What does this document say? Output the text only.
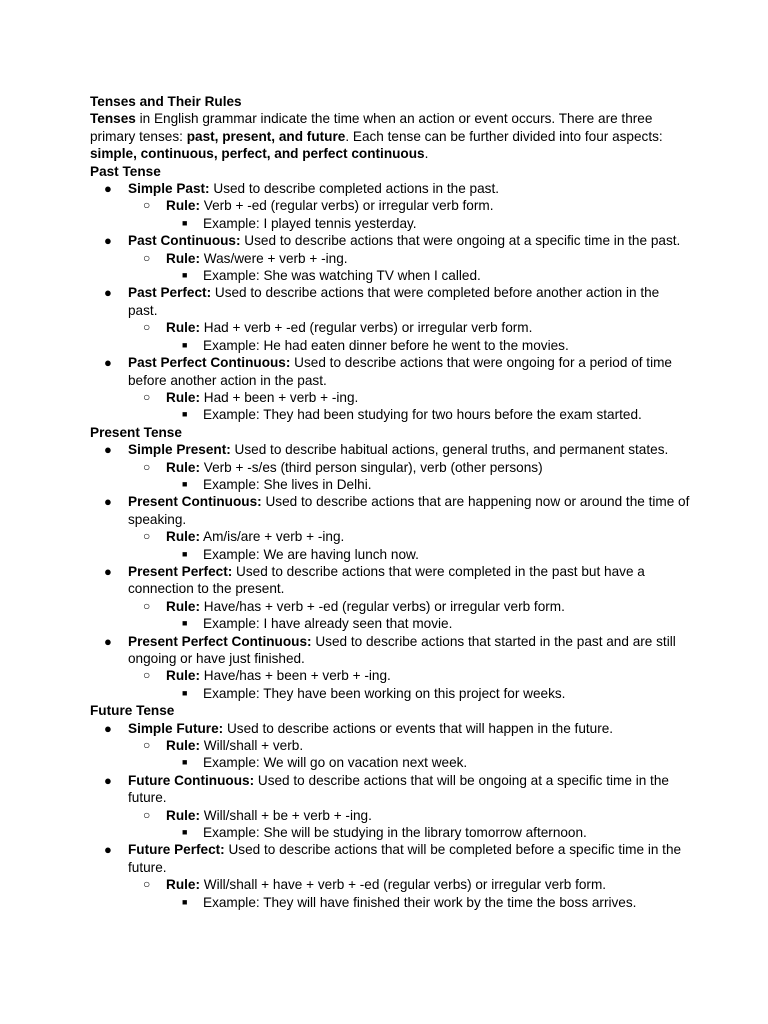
Tenses and Their Rules
Tenses in English grammar indicate the time when an action or event occurs. There are three primary tenses: past, present, and future. Each tense can be further divided into four aspects: simple, continuous, perfect, and perfect continuous.
Past Tense
● Simple Past: Used to describe completed actions in the past.
○ Rule: Verb + -ed (regular verbs) or irregular verb form.
■ Example: I played tennis yesterday.
● Past Continuous: Used to describe actions that were ongoing at a specific time in the past.
○ Rule: Was/were + verb + -ing.
■ Example: She was watching TV when I called.
● Past Perfect: Used to describe actions that were completed before another action in the past.
○ Rule: Had + verb + -ed (regular verbs) or irregular verb form.
■ Example: He had eaten dinner before he went to the movies.
● Past Perfect Continuous: Used to describe actions that were ongoing for a period of time before another action in the past.
○ Rule: Had + been + verb + -ing.
■ Example: They had been studying for two hours before the exam started.
Present Tense
● Simple Present: Used to describe habitual actions, general truths, and permanent states.
○ Rule: Verb + -s/es (third person singular), verb (other persons)
■ Example: She lives in Delhi.
● Present Continuous: Used to describe actions that are happening now or around the time of speaking.
○ Rule: Am/is/are + verb + -ing.
■ Example: We are having lunch now.
● Present Perfect: Used to describe actions that were completed in the past but have a connection to the present.
○ Rule: Have/has + verb + -ed (regular verbs) or irregular verb form.
■ Example: I have already seen that movie.
● Present Perfect Continuous: Used to describe actions that started in the past and are still ongoing or have just finished.
○ Rule: Have/has + been + verb + -ing.
■ Example: They have been working on this project for weeks.
Future Tense
● Simple Future: Used to describe actions or events that will happen in the future.
○ Rule: Will/shall + verb.
■ Example: We will go on vacation next week.
● Future Continuous: Used to describe actions that will be ongoing at a specific time in the future.
○ Rule: Will/shall + be + verb + -ing.
■ Example: She will be studying in the library tomorrow afternoon.
● Future Perfect: Used to describe actions that will be completed before a specific time in the future.
○ Rule: Will/shall + have + verb + -ed (regular verbs) or irregular verb form.
■ Example: They will have finished their work by the time the boss arrives.
